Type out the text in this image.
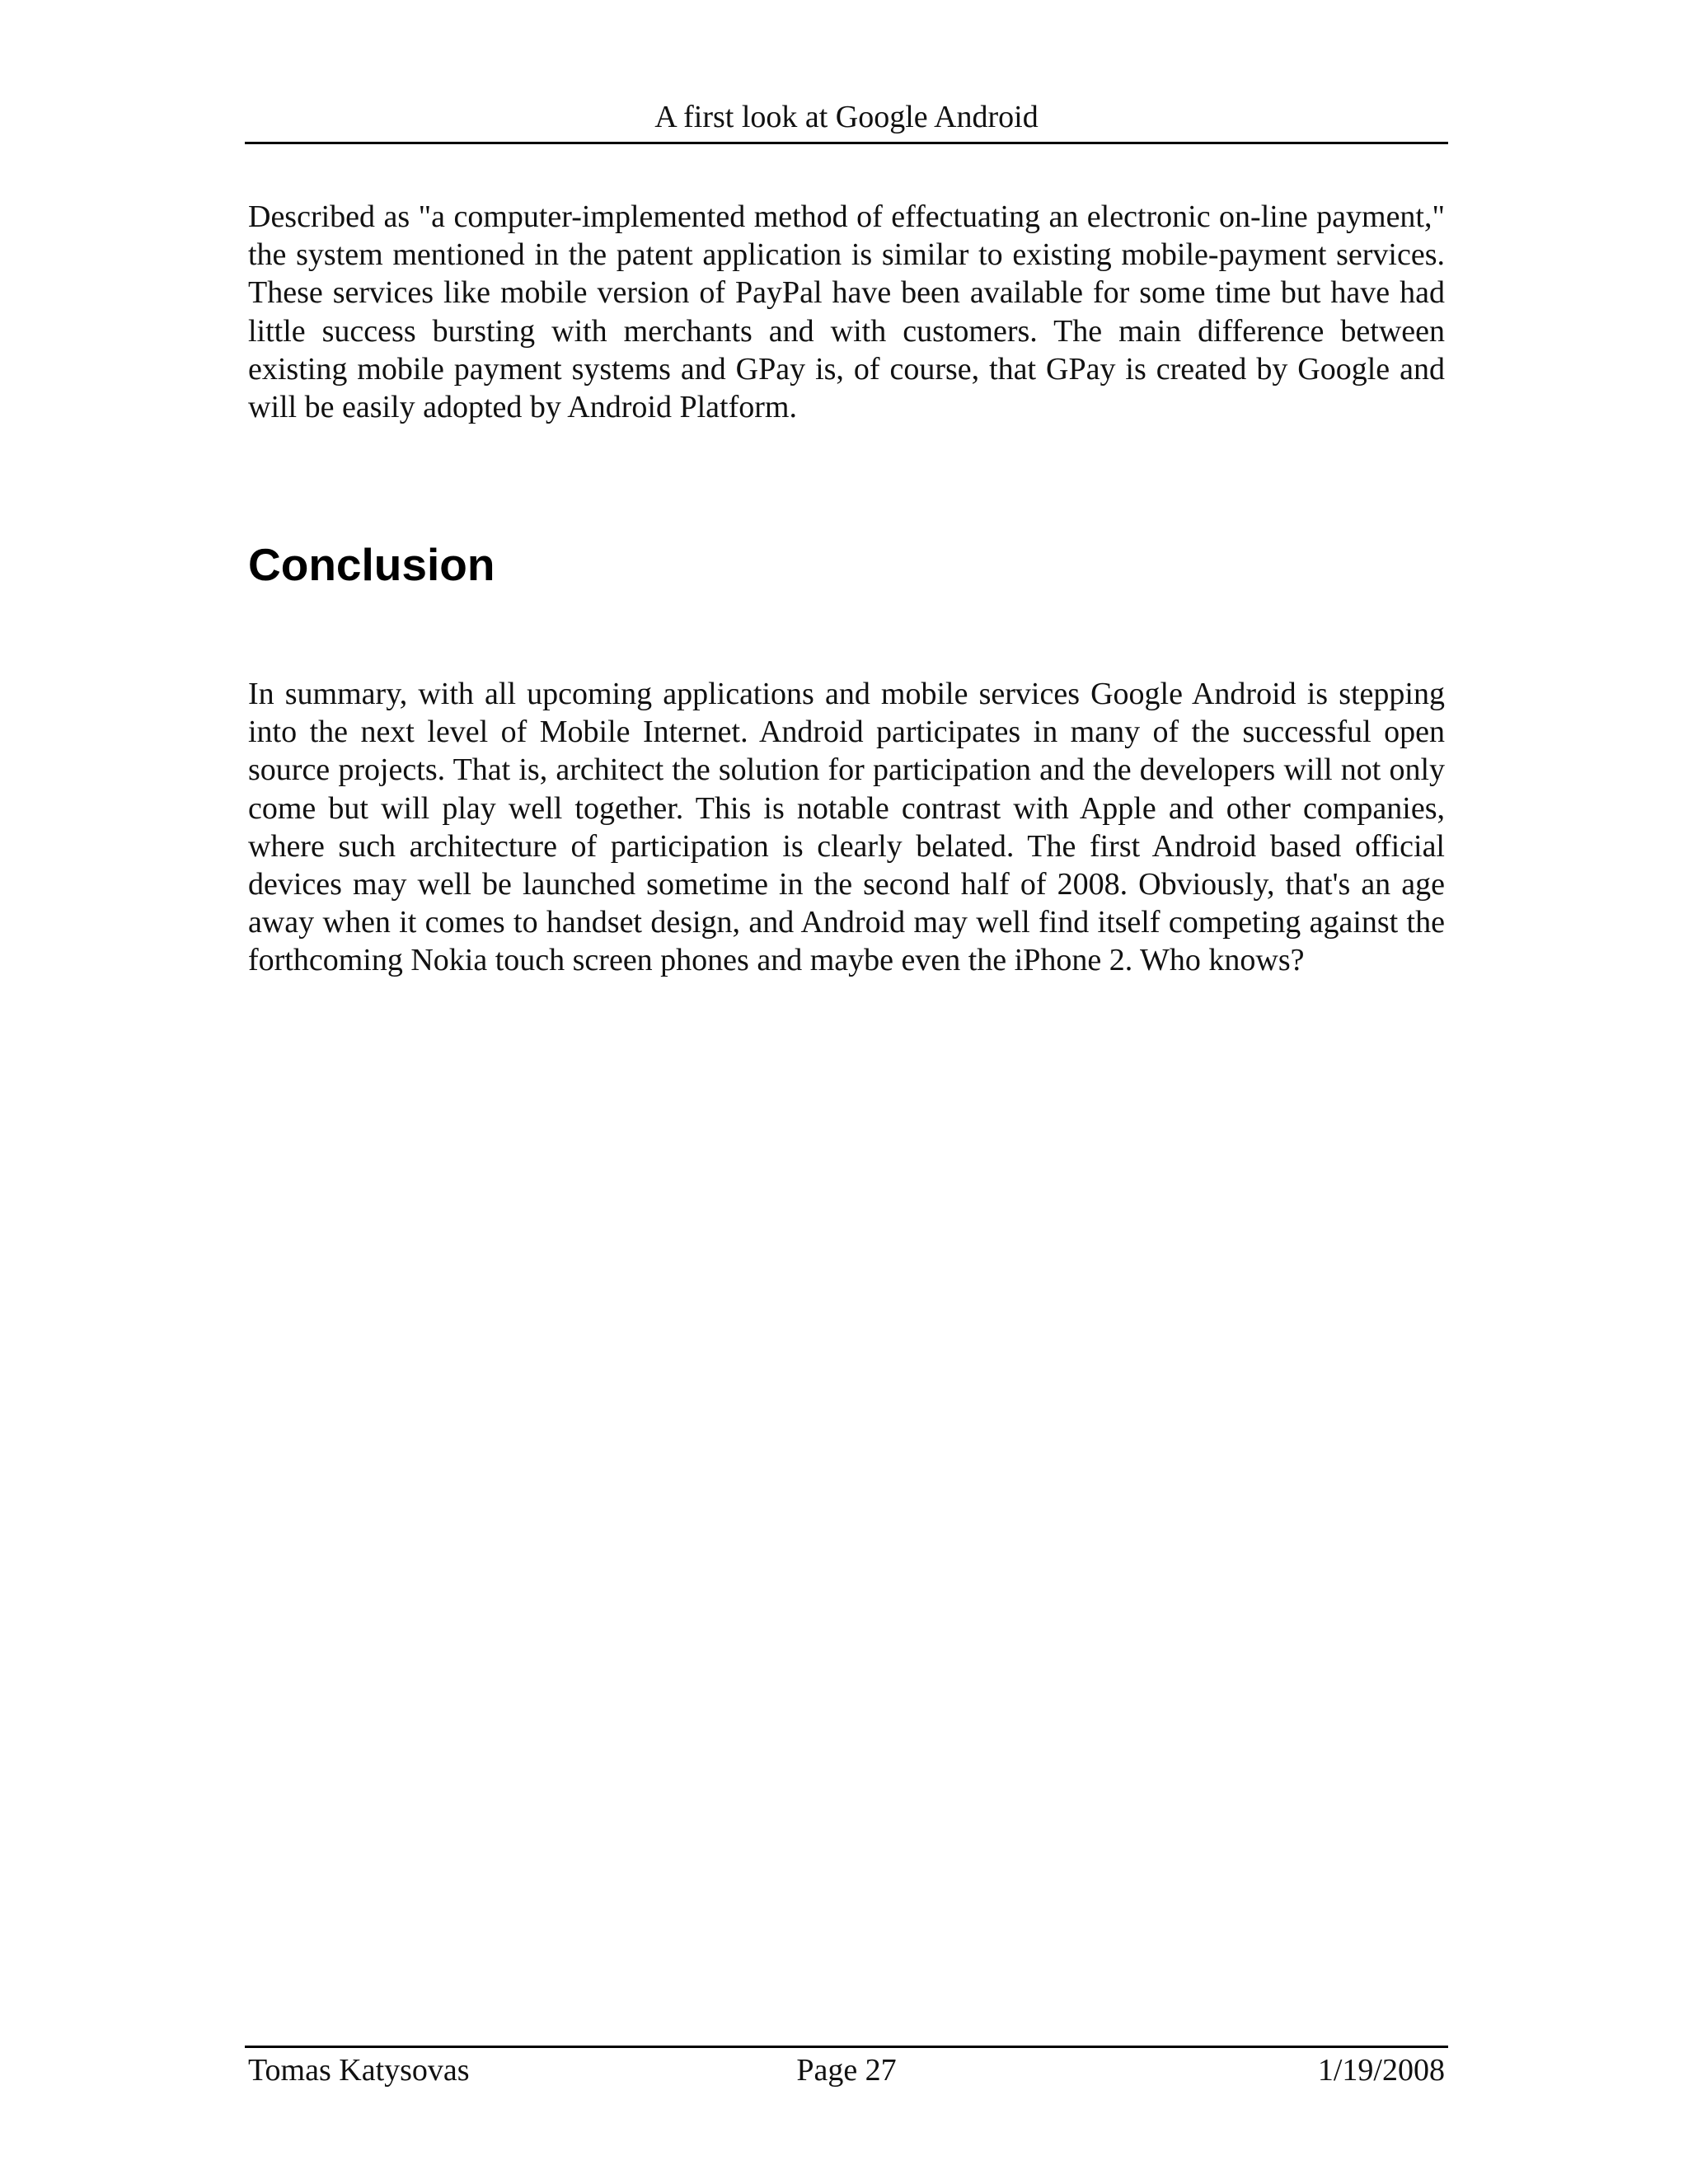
A first look at Google Android

Described as "a computer-implemented method of effectuating an electronic on-line payment," the system mentioned in the patent application is similar to existing mobile-payment services. These services like mobile version of PayPal have been available for some time but have had little success bursting with merchants and with customers. The main difference between existing mobile payment systems and GPay is, of course, that GPay is created by Google and will be easily adopted by Android Platform.

Conclusion

In summary, with all upcoming applications and mobile services Google Android is stepping into the next level of Mobile Internet. Android participates in many of the successful open source projects. That is, architect the solution for participation and the developers will not only come but will play well together. This is notable contrast with Apple and other companies, where such architecture of participation is clearly belated. The first Android based official devices may well be launched sometime in the second half of 2008. Obviously, that's an age away when it comes to handset design, and Android may well find itself competing against the forthcoming Nokia touch screen phones and maybe even the iPhone 2. Who knows?

Page 27
Tomas Katysovas	1/19/2008
